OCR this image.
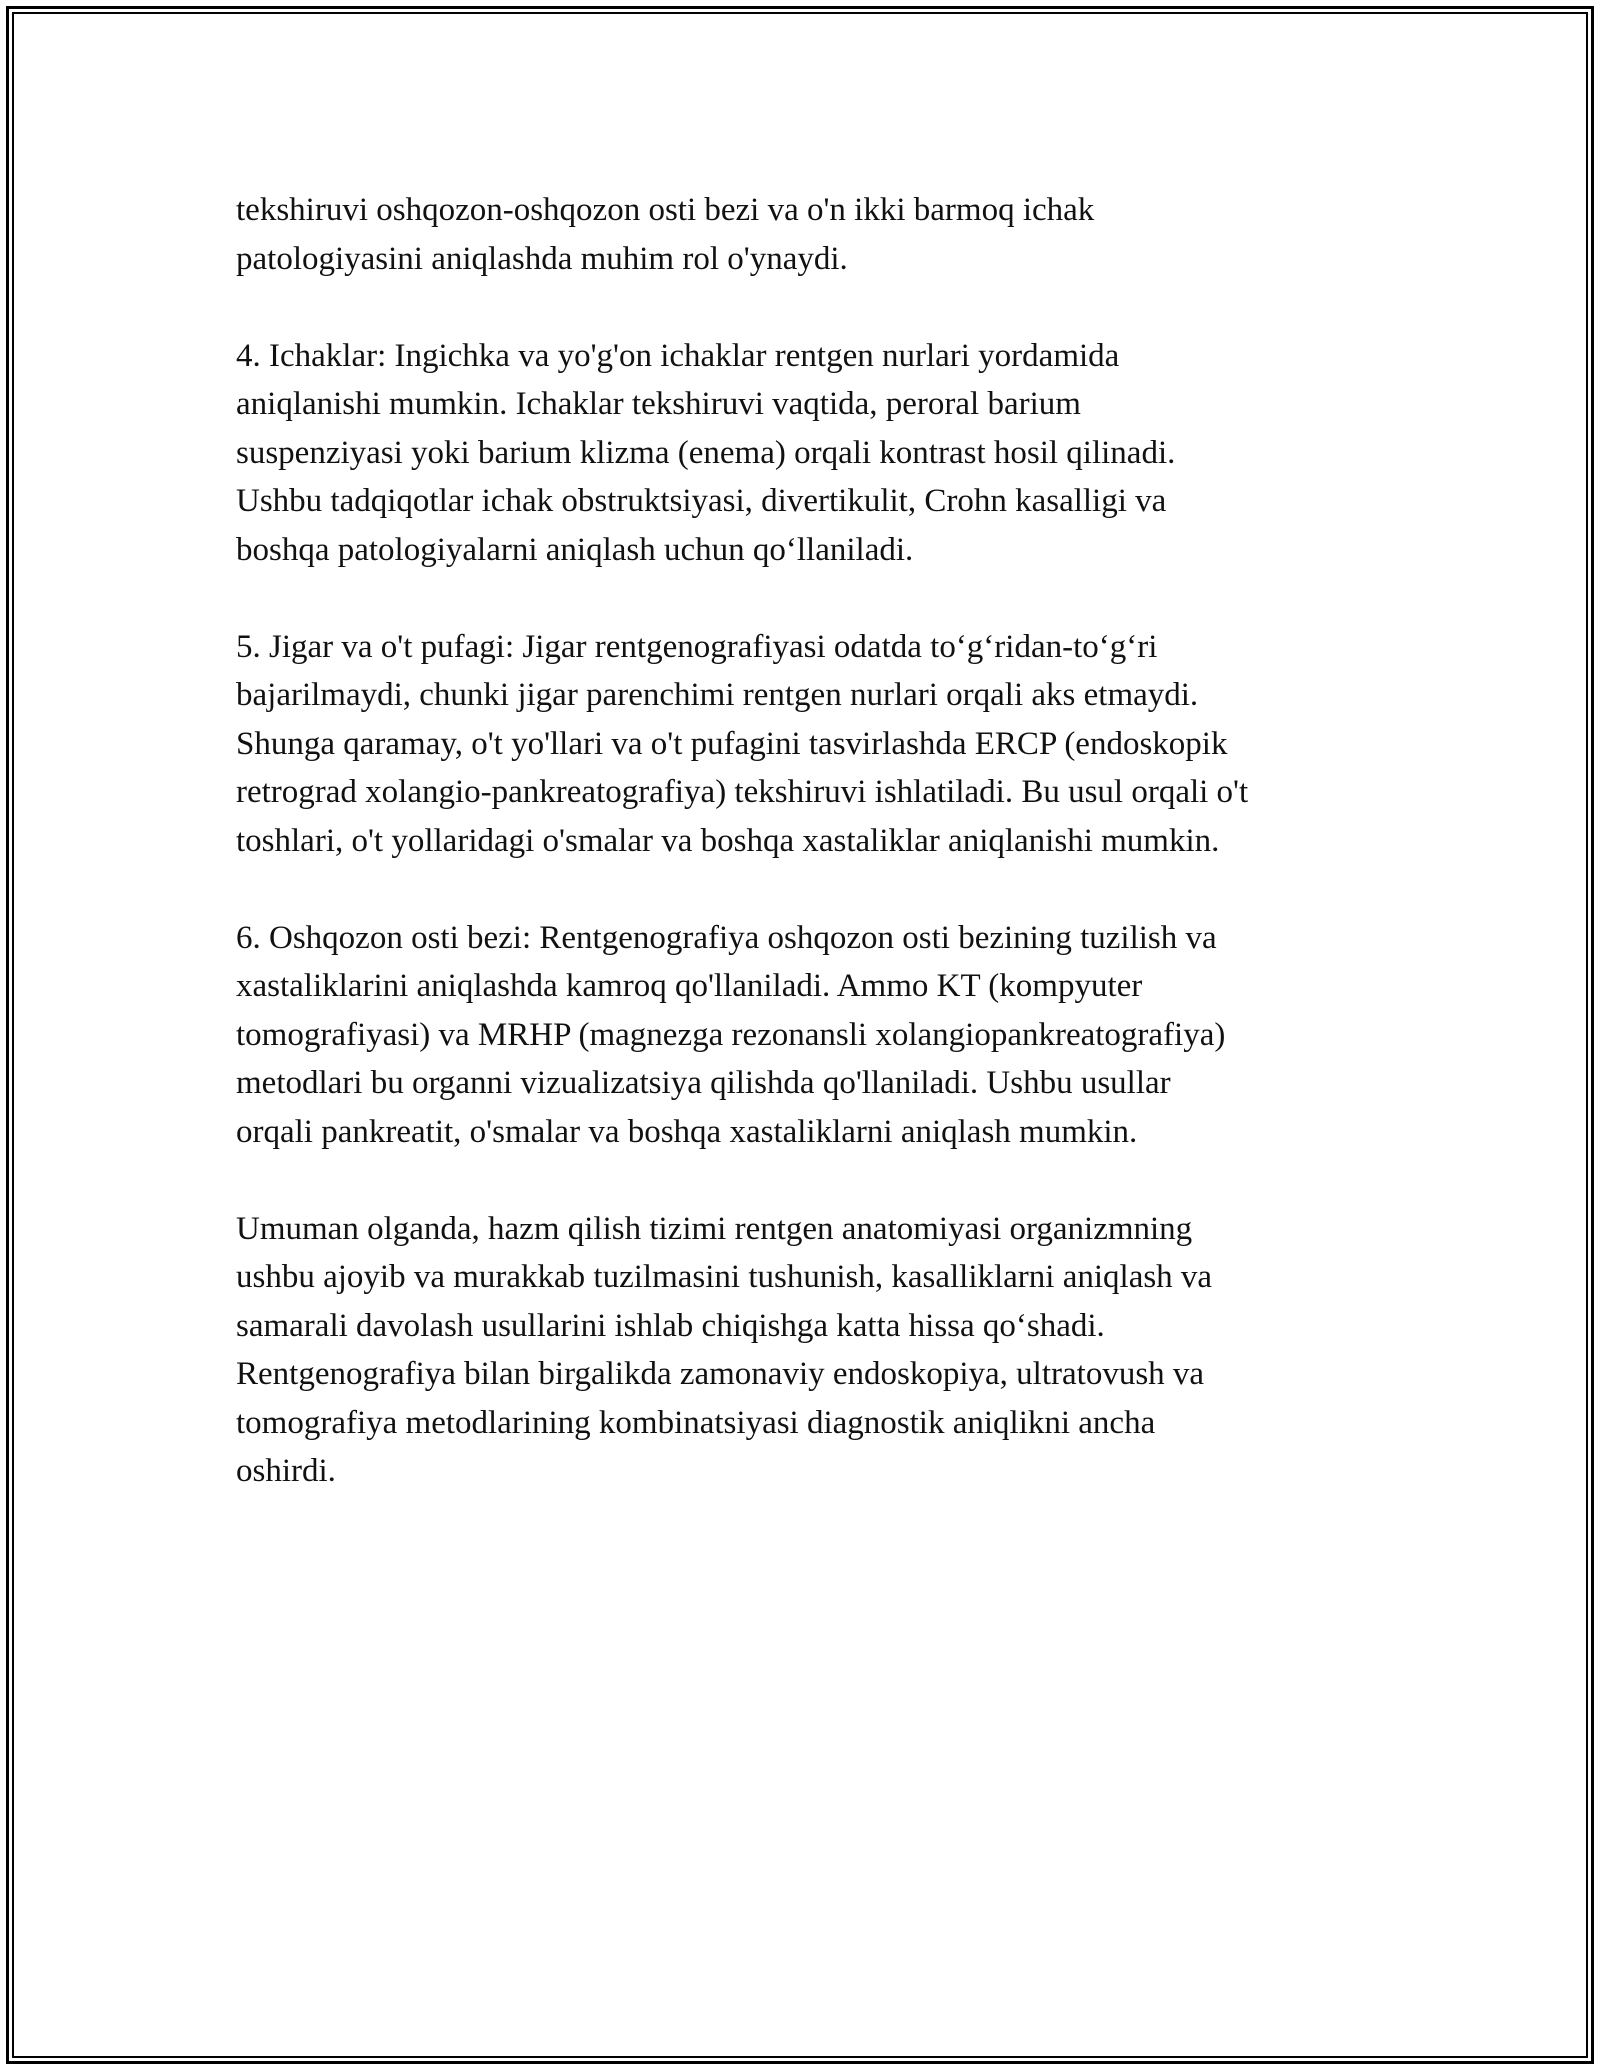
tekshiruvi oshqozon-oshqozon osti bezi va o'n ikki barmoq ichak
patologiyasini aniqlashda muhim rol o'ynaydi.

4. Ichaklar: Ingichka va yo'g'on ichaklar rentgen nurlari yordamida
aniqlanishi mumkin. Ichaklar tekshiruvi vaqtida, peroral barium
suspenziyasi yoki barium klizma (enema) orqali kontrast hosil qilinadi.
Ushbu tadqiqotlar ichak obstruktsiyasi, divertikulit, Crohn kasalligi va
boshqa patologiyalarni aniqlash uchun qo‘llaniladi.

5. Jigar va o't pufagi: Jigar rentgenografiyasi odatda to‘g‘ridan-to‘g‘ri
bajarilmaydi, chunki jigar parenchimi rentgen nurlari orqali aks etmaydi.
Shunga qaramay, o't yo'llari va o't pufagini tasvirlashda ERCP (endoskopik
retrograd xolangio-pankreatografiya) tekshiruvi ishlatiladi. Bu usul orqali o't
toshlari, o't yollaridagi o'smalar va boshqa xastaliklar aniqlanishi mumkin.

6. Oshqozon osti bezi: Rentgenografiya oshqozon osti bezining tuzilish va
xastaliklarini aniqlashda kamroq qo'llaniladi. Ammo KT (kompyuter
tomografiyasi) va MRHP (magnezga rezonansli xolangiopankreatografiya)
metodlari bu organni vizualizatsiya qilishda qo'llaniladi. Ushbu usullar
orqali pankreatit, o'smalar va boshqa xastaliklarni aniqlash mumkin.

Umuman olganda, hazm qilish tizimi rentgen anatomiyasi organizmning
ushbu ajoyib va murakkab tuzilmasini tushunish, kasalliklarni aniqlash va
samarali davolash usullarini ishlab chiqishga katta hissa qo‘shadi.
Rentgenografiya bilan birgalikda zamonaviy endoskopiya, ultratovush va
tomografiya metodlarining kombinatsiyasi diagnostik aniqlikni ancha
oshirdi.
